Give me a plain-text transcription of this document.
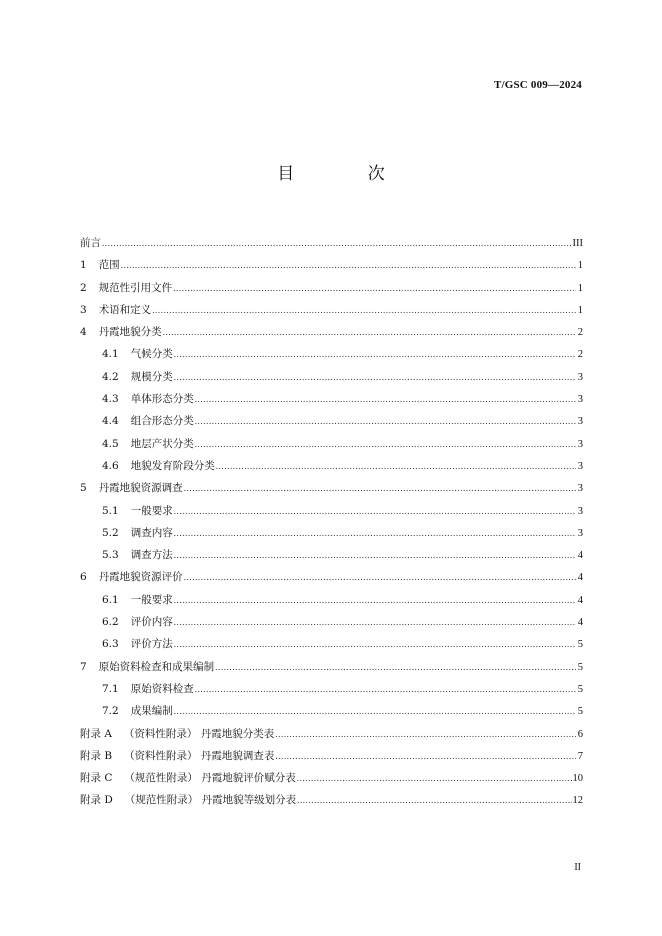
T/GSC 009—2024
目 次
前言 .....	III
1 范围 .....	1
2 规范性引用文件 .....	1
3 术语和定义 .....	1
4 丹霞地貌分类 .....	2
4.1 气候分类 .....	2
4.2 规模分类 .....	3
4.3 单体形态分类 .....	3
4.4 组合形态分类 .....	3
4.5 地层产状分类 .....	3
4.6 地貌发育阶段分类 .....	3
5 丹霞地貌资源调查 .....	3
5.1 一般要求 .....	3
5.2 调查内容 .....	3
5.3 调查方法 .....	4
6 丹霞地貌资源评价 .....	4
6.1 一般要求 .....	4
6.2 评价内容 .....	4
6.3 评价方法 .....	5
7 原始资料检查和成果编制 .....	5
7.1 原始资料检查 .....	5
7.2 成果编制 .....	5
附录 A （资料性附录） 丹霞地貌分类表 .....	6
附录 B （资料性附录） 丹霞地貌调查表 .....	7
附录 C （规范性附录） 丹霞地貌评价赋分表 .....	10
附录 D （规范性附录） 丹霞地貌等级划分表 .....	12
II
